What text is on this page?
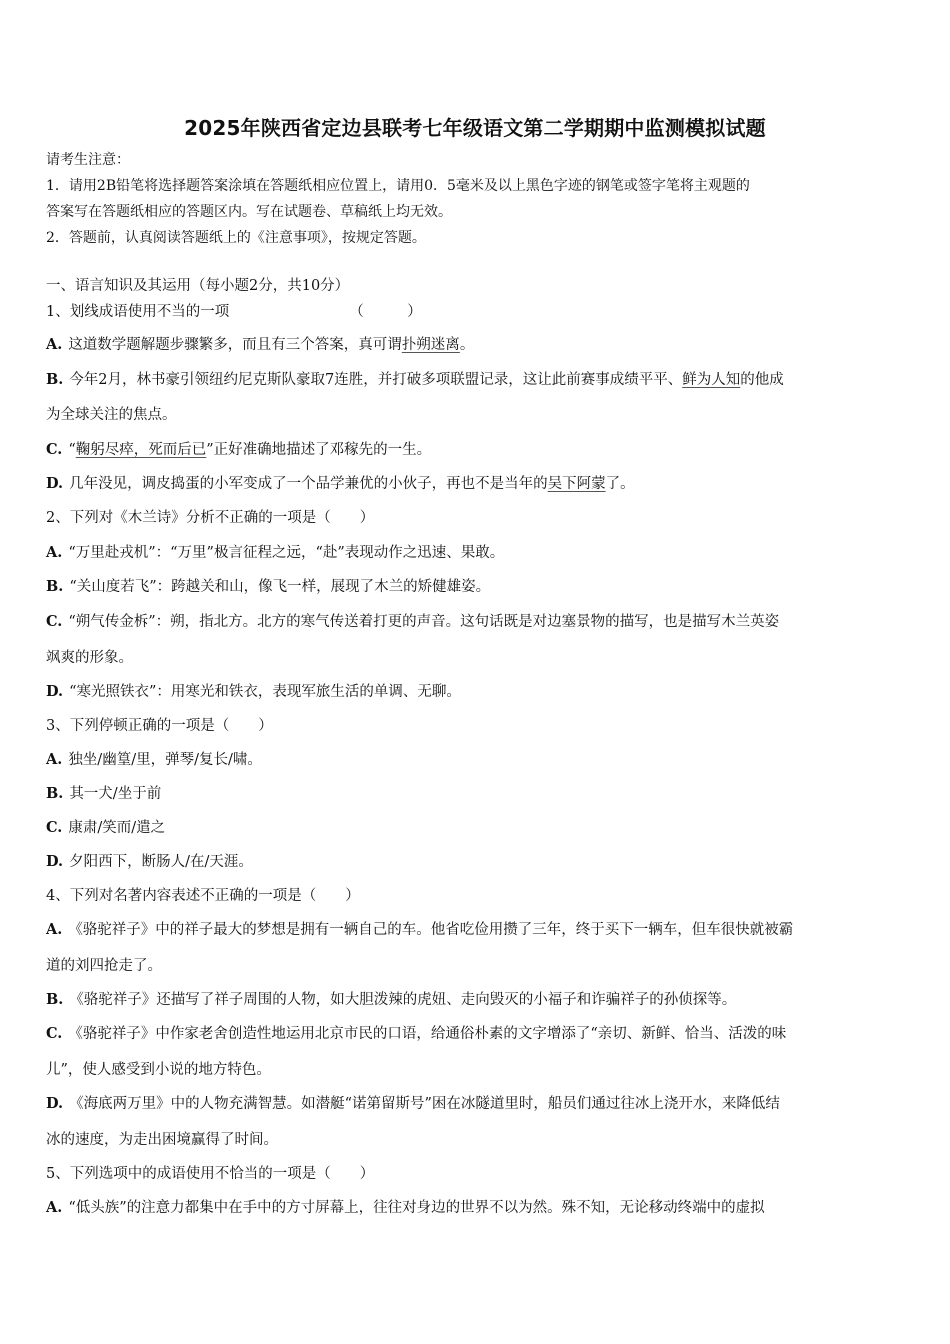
2025年陕西省定边县联考七年级语文第二学期期中监测模拟试题
请考生注意：
1．请用2B铅笔将选择题答案涂填在答题纸相应位置上，请用0．5毫米及以上黑色字迹的钢笔或签字笔将主观题的
答案写在答题纸相应的答题区内。写在试题卷、草稿纸上均无效。
2．答题前，认真阅读答题纸上的《注意事项》，按规定答题。
一、语言知识及其运用（每小题2分，共10分）
1、划线成语使用不当的一项	（　　　）
A. 这道数学题解题步骤繁多，而且有三个答案，真可谓扑朔迷离。
B. 今年2月，林书豪引领纽约尼克斯队豪取7连胜，并打破多项联盟记录，这让此前赛事成绩平平、鲜为人知的他成
为全球关注的焦点。
C. “鞠躬尽瘁，死而后已”正好准确地描述了邓稼先的一生。
D. 几年没见，调皮捣蛋的小军变成了一个品学兼优的小伙子，再也不是当年的吴下阿蒙了。
2、下列对《木兰诗》分析不正确的一项是（　　）
A. “万里赴戎机”：“万里”极言征程之远，“赴”表现动作之迅速、果敢。
B. “关山度若飞”：跨越关和山，像飞一样，展现了木兰的矫健雄姿。
C. “朔气传金柝”：朔，指北方。北方的寒气传送着打更的声音。这句话既是对边塞景物的描写，也是描写木兰英姿
飒爽的形象。
D. “寒光照铁衣”：用寒光和铁衣，表现军旅生活的单调、无聊。
3、下列停顿正确的一项是（　　）
A. 独坐/幽篁/里，弹琴/复长/啸。
B. 其一犬/坐于前
C. 康肃/笑而/遣之
D. 夕阳西下，断肠人/在/天涯。
4、下列对名著内容表述不正确的一项是（　　）
A. 《骆驼祥子》中的祥子最大的梦想是拥有一辆自己的车。他省吃俭用攒了三年，终于买下一辆车，但车很快就被霸
道的刘四抢走了。
B. 《骆驼祥子》还描写了祥子周围的人物，如大胆泼辣的虎妞、走向毁灭的小福子和诈骗祥子的孙侦探等。
C. 《骆驼祥子》中作家老舍创造性地运用北京市民的口语，给通俗朴素的文字增添了“亲切、新鲜、恰当、活泼的味
儿”，使人感受到小说的地方特色。
D. 《海底两万里》中的人物充满智慧。如潜艇“诺第留斯号”困在冰隧道里时，船员们通过往冰上浇开水，来降低结
冰的速度，为走出困境赢得了时间。
5、下列选项中的成语使用不恰当的一项是（　　）
A. “低头族”的注意力都集中在手中的方寸屏幕上，往往对身边的世界不以为然。殊不知，无论移动终端中的虚拟
